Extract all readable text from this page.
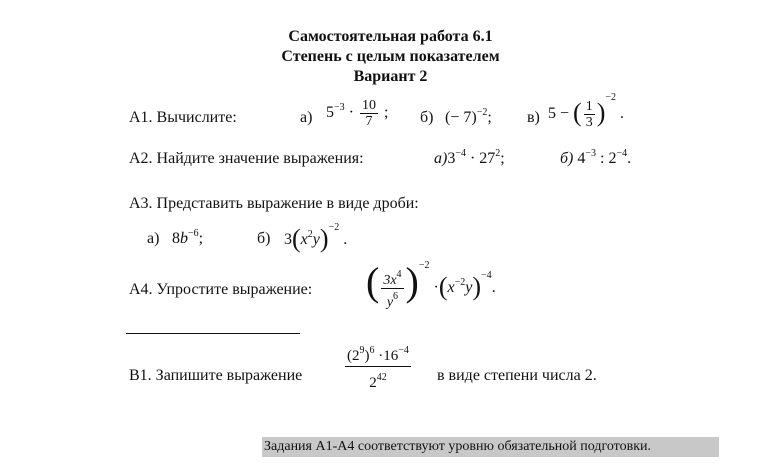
Самостоятельная работа 6.1
Степень с целым показателем
Вариант 2
А1. Вычислите:	а) $5^{-3} \cdot \frac{10}{7}$ ; б) (− 7)$^{-2}$; в) 5 − ( $\frac{1}{3} )^{-2}$ .
А2. Найдите значение выражения:	$а)3^{-4} \cdot 27^2$;	б) $4^{-3}$ : $2^{-4}$.
А3. Представить выражение в виде дроби:
а) $8b^{-6}$;	б) $3(x^2y)^{-2}$ .
А4. Упростите выражение: ( $\frac{3x^4}{y^6} )^{-2} \cdot(x^{-2}y)^{-4}$.
В1. Запишите выражение	$\frac{(2^9)^6 \cdot 16^{-4}}{2^{42}}$ в виде степени числа 2.
Задания А1-А4 соответствуют уровню обязательной подготовки.
